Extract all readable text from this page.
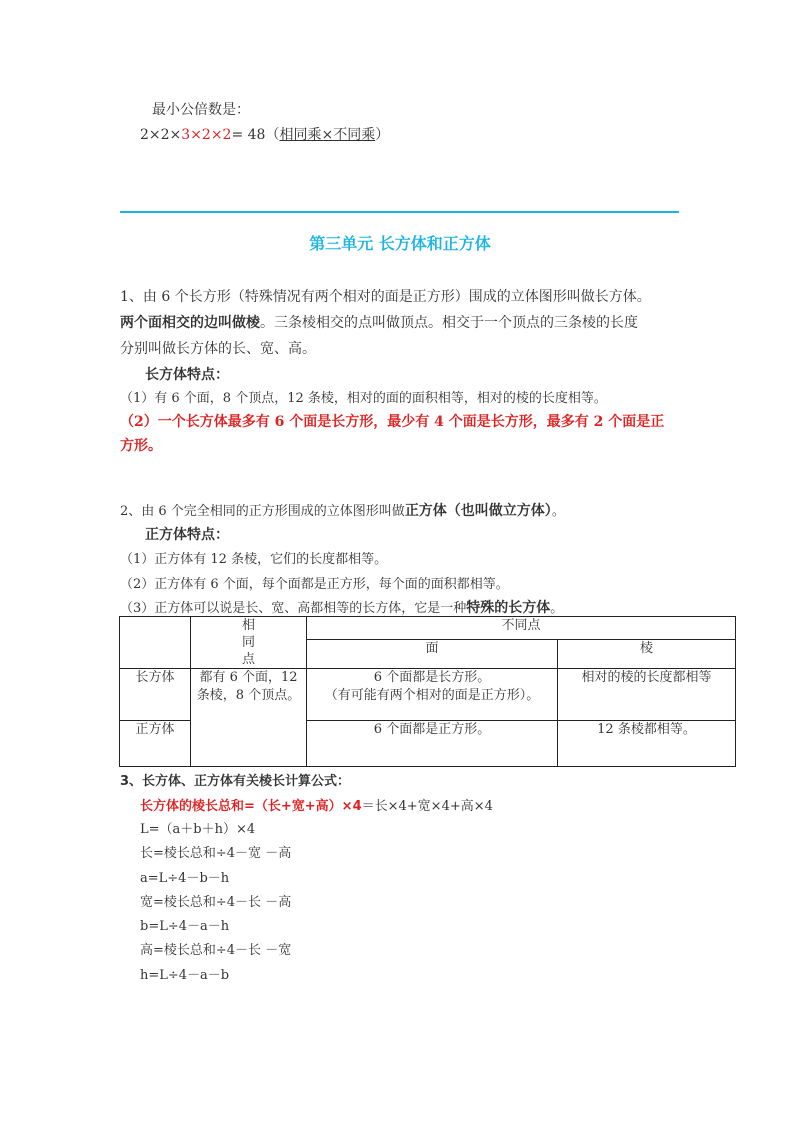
最小公倍数是：
2×2×3×2×2= 48（相同乘×不同乘）
第三单元 长方体和正方体
1、由 6 个长方形（特殊情况有两个相对的面是正方形）围成的立体图形叫做长方体。
两个面相交的边叫做棱。三条棱相交的点叫做顶点。相交于一个顶点的三条棱的长度
分别叫做长方体的长、宽、高。
长方体特点：
（1）有 6 个面，8 个顶点，12 条棱，相对的面的面积相等，相对的棱的长度相等。
（2）一个长方体最多有 6 个面是长方形，最少有 4 个面是长方形，最多有 2 个面是正
方形。
2、由 6 个完全相同的正方形围成的立体图形叫做正方体（也叫做立方体）。
正方体特点：
（1）正方体有 12 条棱，它们的长度都相等。
（2）正方体有 6 个面，每个面都是正方形，每个面的面积都相等。
（3）正方体可以说是长、宽、高都相等的长方体，它是一种特殊的长方体。

	相同点	不同点	
		面	棱
长方体	都有 6 个面，12 条棱，8 个顶点。	6 个面都是长方形。
（有可能有两个相对的面是正方形）。	相对的棱的长度都相等
正方体		6 个面都是正方形。	12 条棱都相等。
3、长方体、正方体有关棱长计算公式：
长方体的棱长总和=（长+宽+高）×4＝长×4+宽×4+高×4
L=（a＋b＋h）×4
长=棱长总和÷4－宽 －高
a=L÷4－b－h
宽=棱长总和÷4－长 －高
b=L÷4－a－h
高=棱长总和÷4－长 －宽
h=L÷4－a－b
